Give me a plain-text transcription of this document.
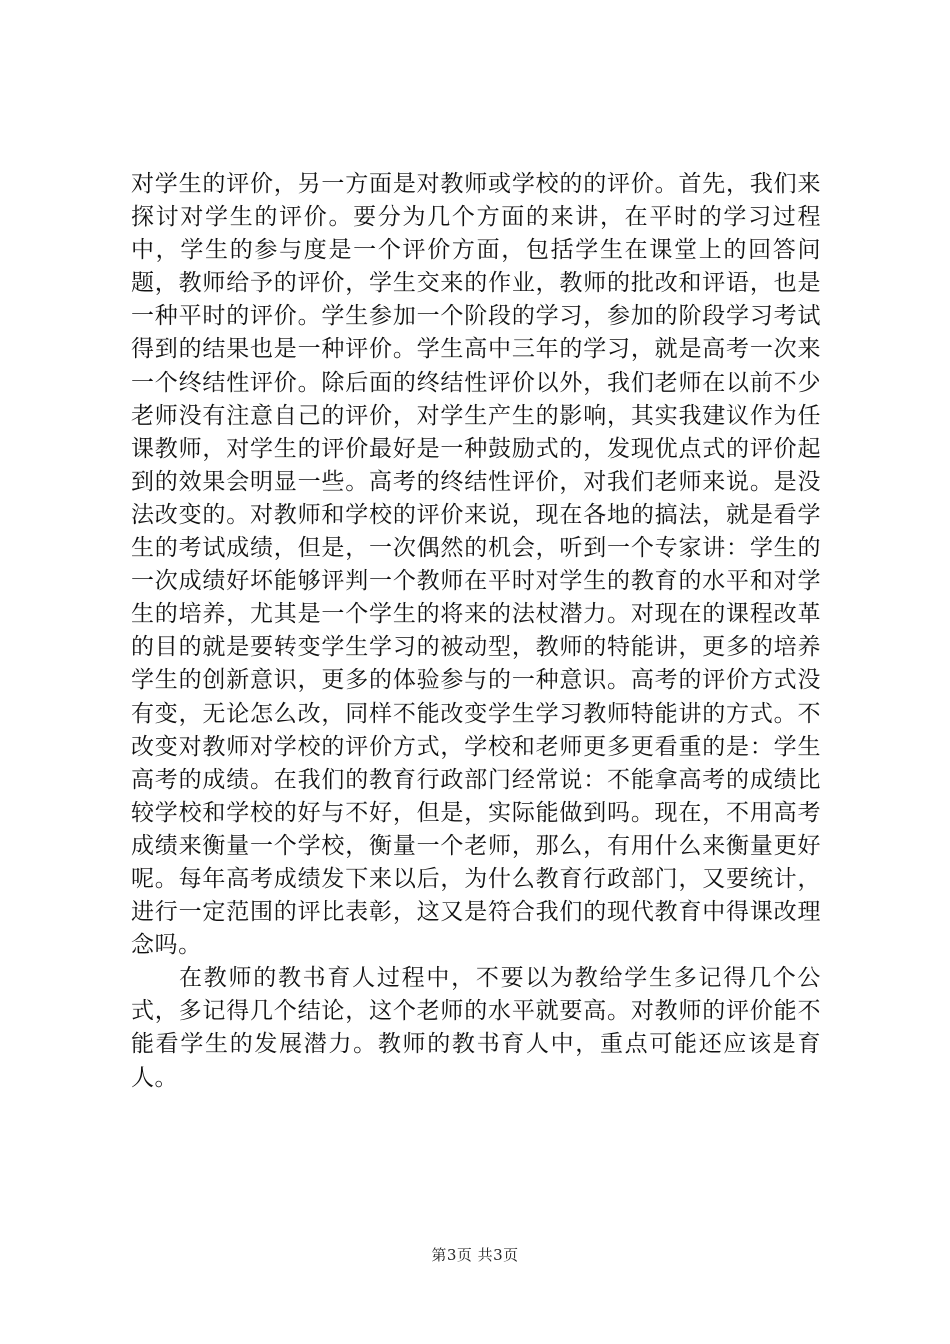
对学生的评价，另一方面是对教师或学校的的评价。首先，我们来探讨对学生的评价。要分为几个方面的来讲，在平时的学习过程中，学生的参与度是一个评价方面，包括学生在课堂上的回答问题，教师给予的评价，学生交来的作业，教师的批改和评语，也是一种平时的评价。学生参加一个阶段的学习，参加的阶段学习考试得到的结果也是一种评价。学生高中三年的学习，就是高考一次来一个终结性评价。除后面的终结性评价以外，我们老师在以前不少老师没有注意自己的评价，对学生产生的影响，其实我建议作为任课教师，对学生的评价最好是一种鼓励式的，发现优点式的评价起到的效果会明显一些。高考的终结性评价，对我们老师来说。是没法改变的。对教师和学校的评价来说，现在各地的搞法，就是看学生的考试成绩，但是，一次偶然的机会，听到一个专家讲：学生的一次成绩好坏能够评判一个教师在平时对学生的教育的水平和对学生的培养，尤其是一个学生的将来的法杖潜力。对现在的课程改革的目的就是要转变学生学习的被动型，教师的特能讲，更多的培养学生的创新意识，更多的体验参与的一种意识。高考的评价方式没有变，无论怎么改，同样不能改变学生学习教师特能讲的方式。不改变对教师对学校的评价方式，学校和老师更多更看重的是：学生高考的成绩。在我们的教育行政部门经常说：不能拿高考的成绩比较学校和学校的好与不好，但是，实际能做到吗。现在，不用高考成绩来衡量一个学校，衡量一个老师，那么，有用什么来衡量更好呢。每年高考成绩发下来以后，为什么教育行政部门，又要统计，进行一定范围的评比表彰，这又是符合我们的现代教育中得课改理念吗。

在教师的教书育人过程中，不要以为教给学生多记得几个公式，多记得几个结论，这个老师的水平就要高。对教师的评价能不能看学生的发展潜力。教师的教书育人中，重点可能还应该是育人。

第3页 共3页
